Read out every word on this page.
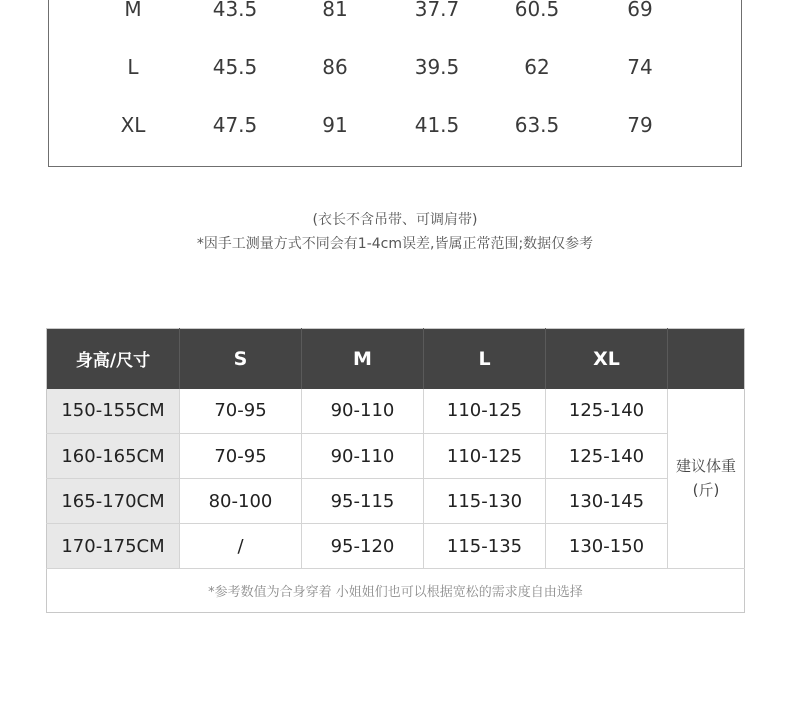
M	43.5	81	37.7	60.5	69
L	45.5	86	39.5	62	74
XL	47.5	91	41.5	63.5	79
(衣长不含吊带、可调肩带)
*因手工测量方式不同会有1-4cm误差,皆属正常范围;数据仅参考
身高/尺寸	S	M	L	XL	
150-155CM	70-95	90-110	110-125	125-140	建议体重
(斤)

160-165CM	70-95	90-110	110-125	125-140	
165-170CM	80-100	95-115	115-130	130-145	
170-175CM	/	95-120	115-135	130-150	
*参考数值为合身穿着 小姐姐们也可以根据宽松的需求度自由选择					
